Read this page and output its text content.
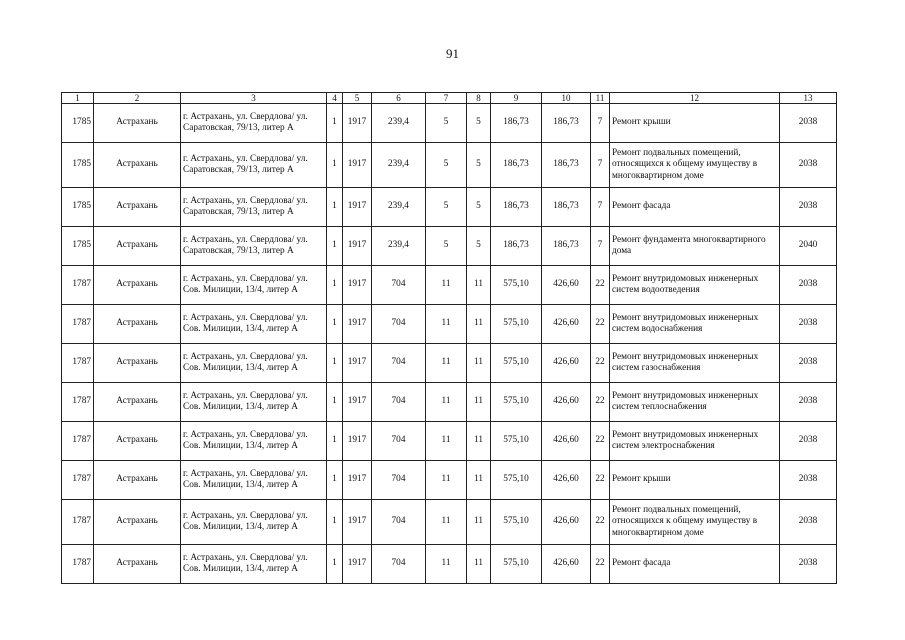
91
1	2	3	4	5	6	7	8	9	10	11	12	13
1785	Астрахань	г. Астрахань, ул. Свердлова/ ул. Саратовская, 79/13, литер А	1	1917	239,4	5	5	186,73	186,73	7	Ремонт крыши	2038
1785	Астрахань	г. Астрахань, ул. Свердлова/ ул. Саратовская, 79/13, литер А	1	1917	239,4	5	5	186,73	186,73	7	Ремонт подвальных помещений, относящихся к общему имуществу в многоквартирном доме	2038
1785	Астрахань	г. Астрахань, ул. Свердлова/ ул. Саратовская, 79/13, литер А	1	1917	239,4	5	5	186,73	186,73	7	Ремонт фасада	2038
1785	Астрахань	г. Астрахань, ул. Свердлова/ ул. Саратовская, 79/13, литер А	1	1917	239,4	5	5	186,73	186,73	7	Ремонт фундамента многоквартирного дома	2040
1787	Астрахань	г. Астрахань, ул. Свердлова/ ул. Сов. Милиции, 13/4, литер А	1	1917	704	11	11	575,10	426,60	22	Ремонт внутридомовых инженерных систем водоотведения	2038
1787	Астрахань	г. Астрахань, ул. Свердлова/ ул. Сов. Милиции, 13/4, литер А	1	1917	704	11	11	575,10	426,60	22	Ремонт внутридомовых инженерных систем водоснабжения	2038
1787	Астрахань	г. Астрахань, ул. Свердлова/ ул. Сов. Милиции, 13/4, литер А	1	1917	704	11	11	575,10	426,60	22	Ремонт внутридомовых инженерных систем газоснабжения	2038
1787	Астрахань	г. Астрахань, ул. Свердлова/ ул. Сов. Милиции, 13/4, литер А	1	1917	704	11	11	575,10	426,60	22	Ремонт внутридомовых инженерных систем теплоснабжения	2038
1787	Астрахань	г. Астрахань, ул. Свердлова/ ул. Сов. Милиции, 13/4, литер А	1	1917	704	11	11	575,10	426,60	22	Ремонт внутридомовых инженерных систем электроснабжения	2038
1787	Астрахань	г. Астрахань, ул. Свердлова/ ул. Сов. Милиции, 13/4, литер А	1	1917	704	11	11	575,10	426,60	22	Ремонт крыши	2038
1787	Астрахань	г. Астрахань, ул. Свердлова/ ул. Сов. Милиции, 13/4, литер А	1	1917	704	11	11	575,10	426,60	22	Ремонт подвальных помещений, относящихся к общему имуществу в многоквартирном доме	2038
1787	Астрахань	г. Астрахань, ул. Свердлова/ ул. Сов. Милиции, 13/4, литер А	1	1917	704	11	11	575,10	426,60	22	Ремонт фасада	2038
